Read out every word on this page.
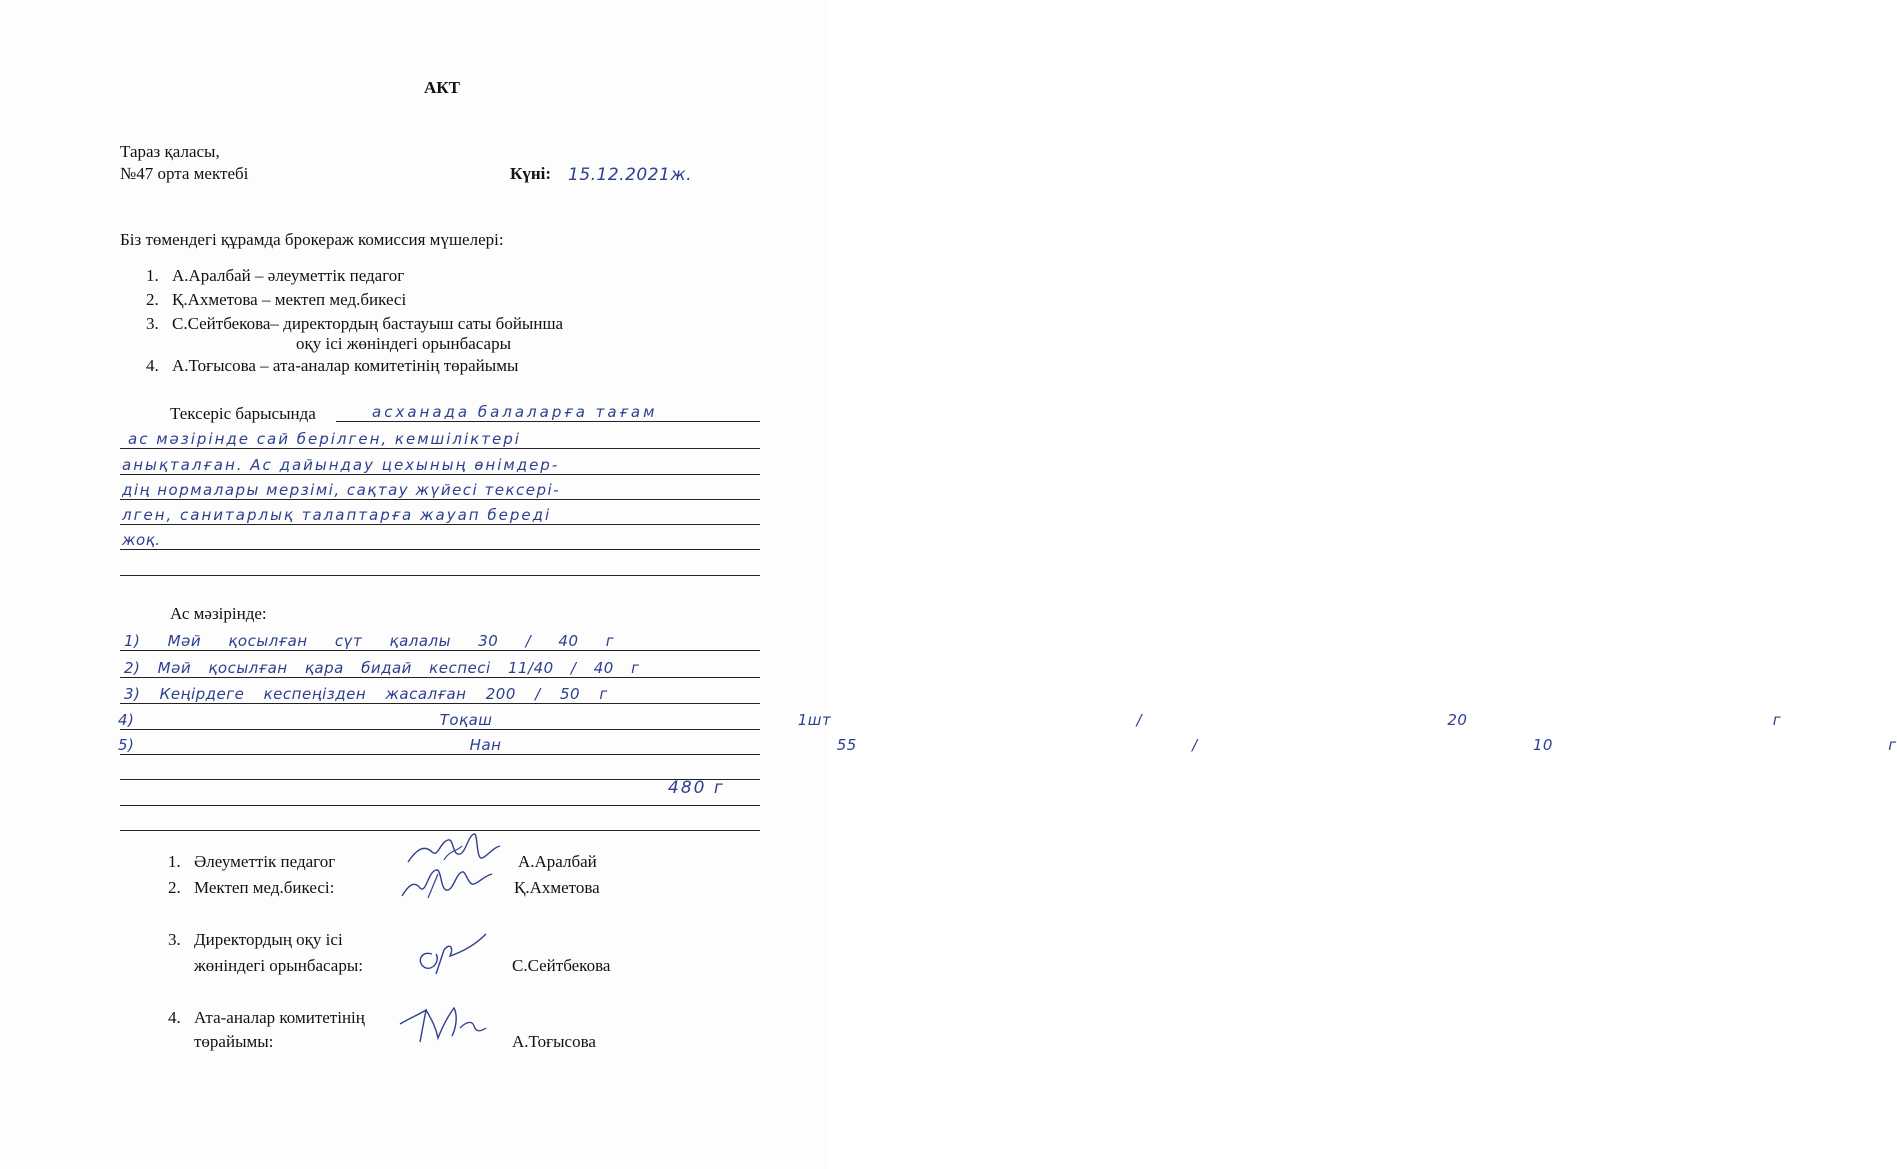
АКТ
Тараз қаласы,
№47 орта мектебі	Күні: 15.12.2021ж.
Біз төмендегі құрамда брокераж комиссия мүшелері:
1. А.Аралбай – әлеуметтік педагог
2. Қ.Ахметова – мектеп мед.бикесі
3. С.Сейтбекова– директордың бастауыш саты бойынша
оқу ісі жөніндегі орынбасары
4. А.Тоғысова – ата-аналар комитетінің төрайымы
Тексеріс барысында	асханада балаларға тағам
ас мәзірінде сай берілген, кемшіліктері
анықталған. Ас дайындау цехының өнімдер-
дің нормалары мерзімі, сақтау жүйесі тексері-
лген, санитарлық талаптарға жауап береді
жоқ.
Ас мәзірінде:
1) Мәй қосылған сүт қалалы 30 / 40 г
2) Мәй қосылған қара бидай кеспесі 11/40 / 40 г
3) Кеңірдеге кеспеңізден жасалған 200 / 50 г
4) Тоқаш 1шт / 20 г
5) Нан 55 / 10 г
480 г
1. Әлеуметтік педагог	А.Аралбай
2. Мектеп мед.бикесі:	Қ.Ахметова
3. Директордың оқу ісі
жөніндегі орынбасары:	С.Сейтбекова
4. Ата-аналар комитетінің
төрайымы:	А.Тоғысова
